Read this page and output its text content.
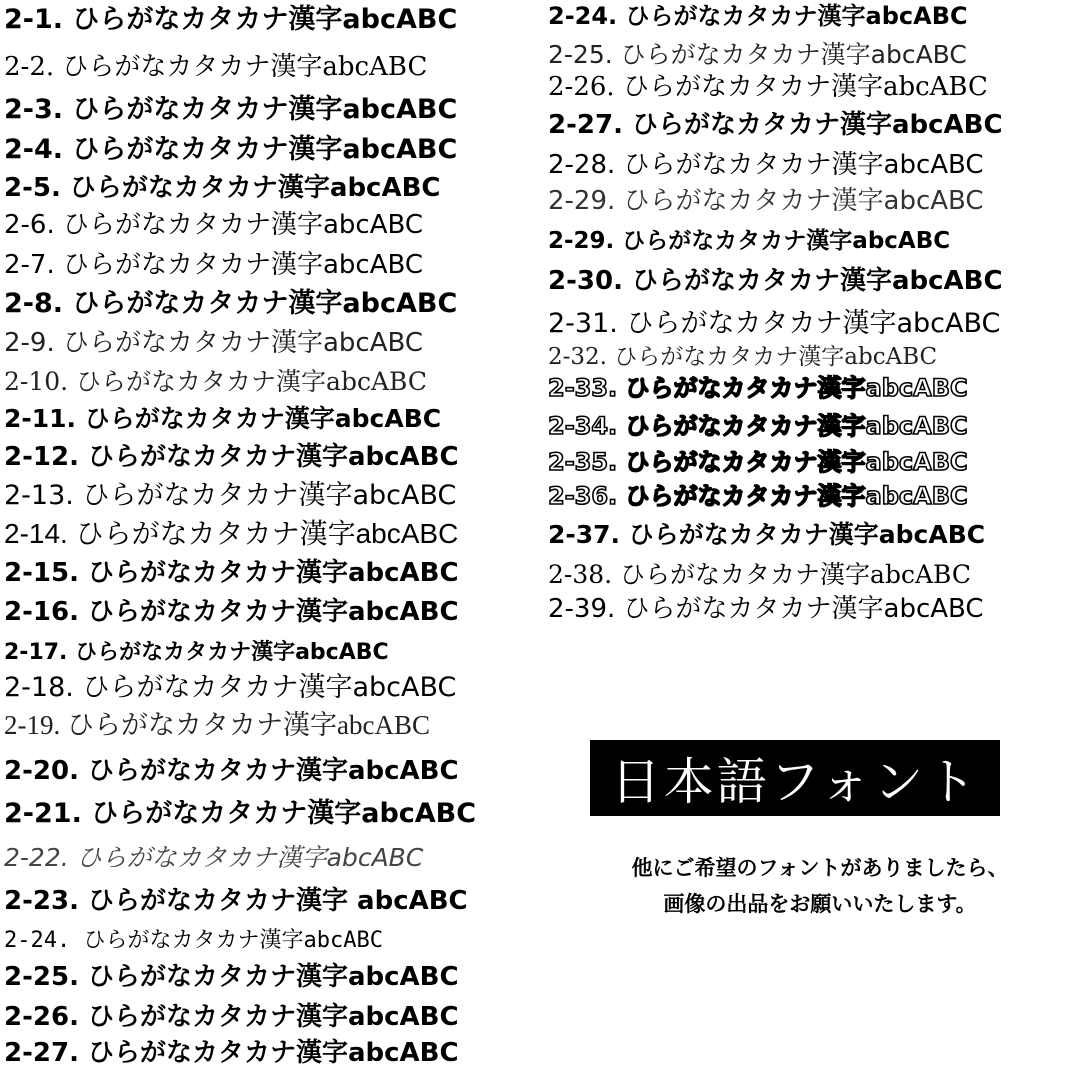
2-1. ひらがなカタカナ漢字abcABC
2-2. ひらがなカタカナ漢字abcABC
2-3. ひらがなカタカナ漢字abcABC
2-4. ひらがなカタカナ漢字abcABC
2-5. ひらがなカタカナ漢字abcABC
2-6. ひらがなカタカナ漢字abcABC
2-7. ひらがなカタカナ漢字abcABC
2-8. ひらがなカタカナ漢字abcABC
2-9. ひらがなカタカナ漢字abcABC
2-10. ひらがなカタカナ漢字abcABC
2-11. ひらがなカタカナ漢字abcABC
2-12. ひらがなカタカナ漢字abcABC
2-13. ひらがなカタカナ漢字abcABC
2-14. ひらがなカタカナ漢字abcABC
2-15. ひらがなカタカナ漢字abcABC
2-16. ひらがなカタカナ漢字abcABC
2-17. ひらがなカタカナ漢字abcABC
2-18. ひらがなカタカナ漢字abcABC
2-19. ひらがなカタカナ漢字abcABC
2-20. ひらがなカタカナ漢字abcABC
2-21. ひらがなカタカナ漢字abcABC
2-22. ひらがなカタカナ漢字abcABC
2-23. ひらがなカタカナ漢字 abcABC
2-24. ひらがなカタカナ漢字abcABC
2-25. ひらがなカタカナ漢字abcABC
2-26. ひらがなカタカナ漢字abcABC
2-27. ひらがなカタカナ漢字abcABC
2-24. ひらがなカタカナ漢字abcABC
2-25. ひらがなカタカナ漢字abcABC
2-26. ひらがなカタカナ漢字abcABC
2-27. ひらがなカタカナ漢字abcABC
2-28. ひらがなカタカナ漢字abcABC
2-29. ひらがなカタカナ漢字abcABC
2-29. ひらがなカタカナ漢字abcABC
2-30. ひらがなカタカナ漢字abcABC
2-31. ひらがなカタカナ漢字abcABC
2-32. ひらがなカタカナ漢字abcABC
2-33. ひらがなカタカナ漢字abcABC
2-34. ひらがなカタカナ漢字abcABC
2-35. ひらがなカタカナ漢字abcABC
2-36. ひらがなカタカナ漢字abcABC
2-37. ひらがなカタカナ漢字abcABC
2-38. ひらがなカタカナ漢字abcABC
2-39. ひらがなカタカナ漢字abcABC
日本語フォント
他にご希望のフォントがありましたら、
画像の出品をお願いいたします。
